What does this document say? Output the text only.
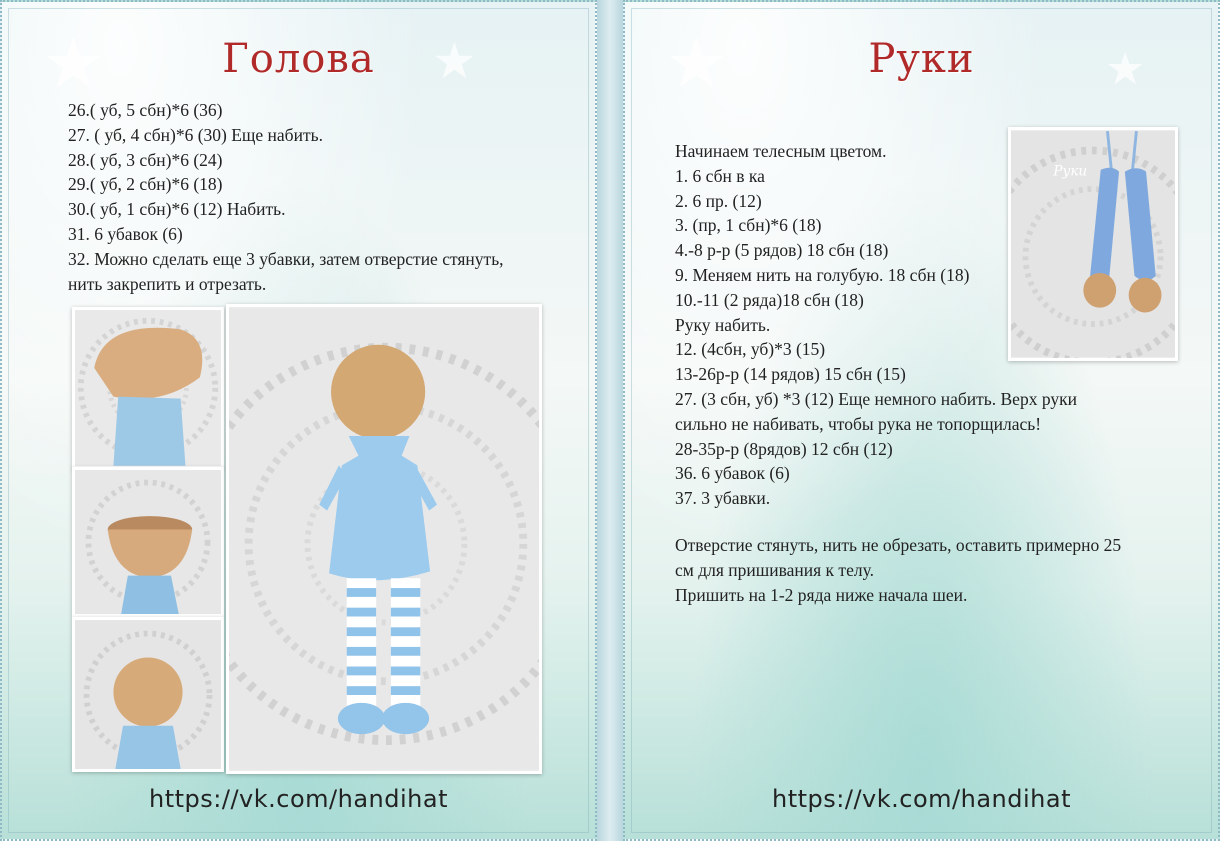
★	★
Голова
26.( уб, 5 сбн)*6 (36)
27. ( уб, 4 сбн)*6 (30) Еще набить.
28.( уб, 3 сбн)*6 (24)
29.( уб, 2 сбн)*6 (18)
30.( уб, 1 сбн)*6 (12) Набить.
31. 6 убавок (6)
32. Можно сделать еще 3 убавки, затем отверстие стянуть,
нить закрепить и отрезать.
https://vk.com/handihat
★	★
Руки
Начинаем телесным цветом.
1. 6 сбн в ка
2. 6 пр. (12)
3. (пр, 1 сбн)*6 (18)
4.-8 р-р (5 рядов) 18 сбн (18)
9. Меняем нить на голубую. 18 сбн (18)
10.-11 (2 ряда)18 сбн (18)
Руку набить.
12. (4сбн, уб)*3 (15)
13-26р-р (14 рядов) 15 сбн (15)
27. (3 сбн, уб) *3 (12) Еще немного набить. Верх руки
сильно не набивать, чтобы рука не топорщилась!
28-35р-р (8рядов) 12 сбн (12)
36. 6 убавок (6)
37. 3 убавки.
Отверстие стянуть, нить не обрезать, оставить примерно 25
см для пришивания к телу.
Пришить на 1-2 ряда ниже начала шеи.
Руки
https://vk.com/handihat
